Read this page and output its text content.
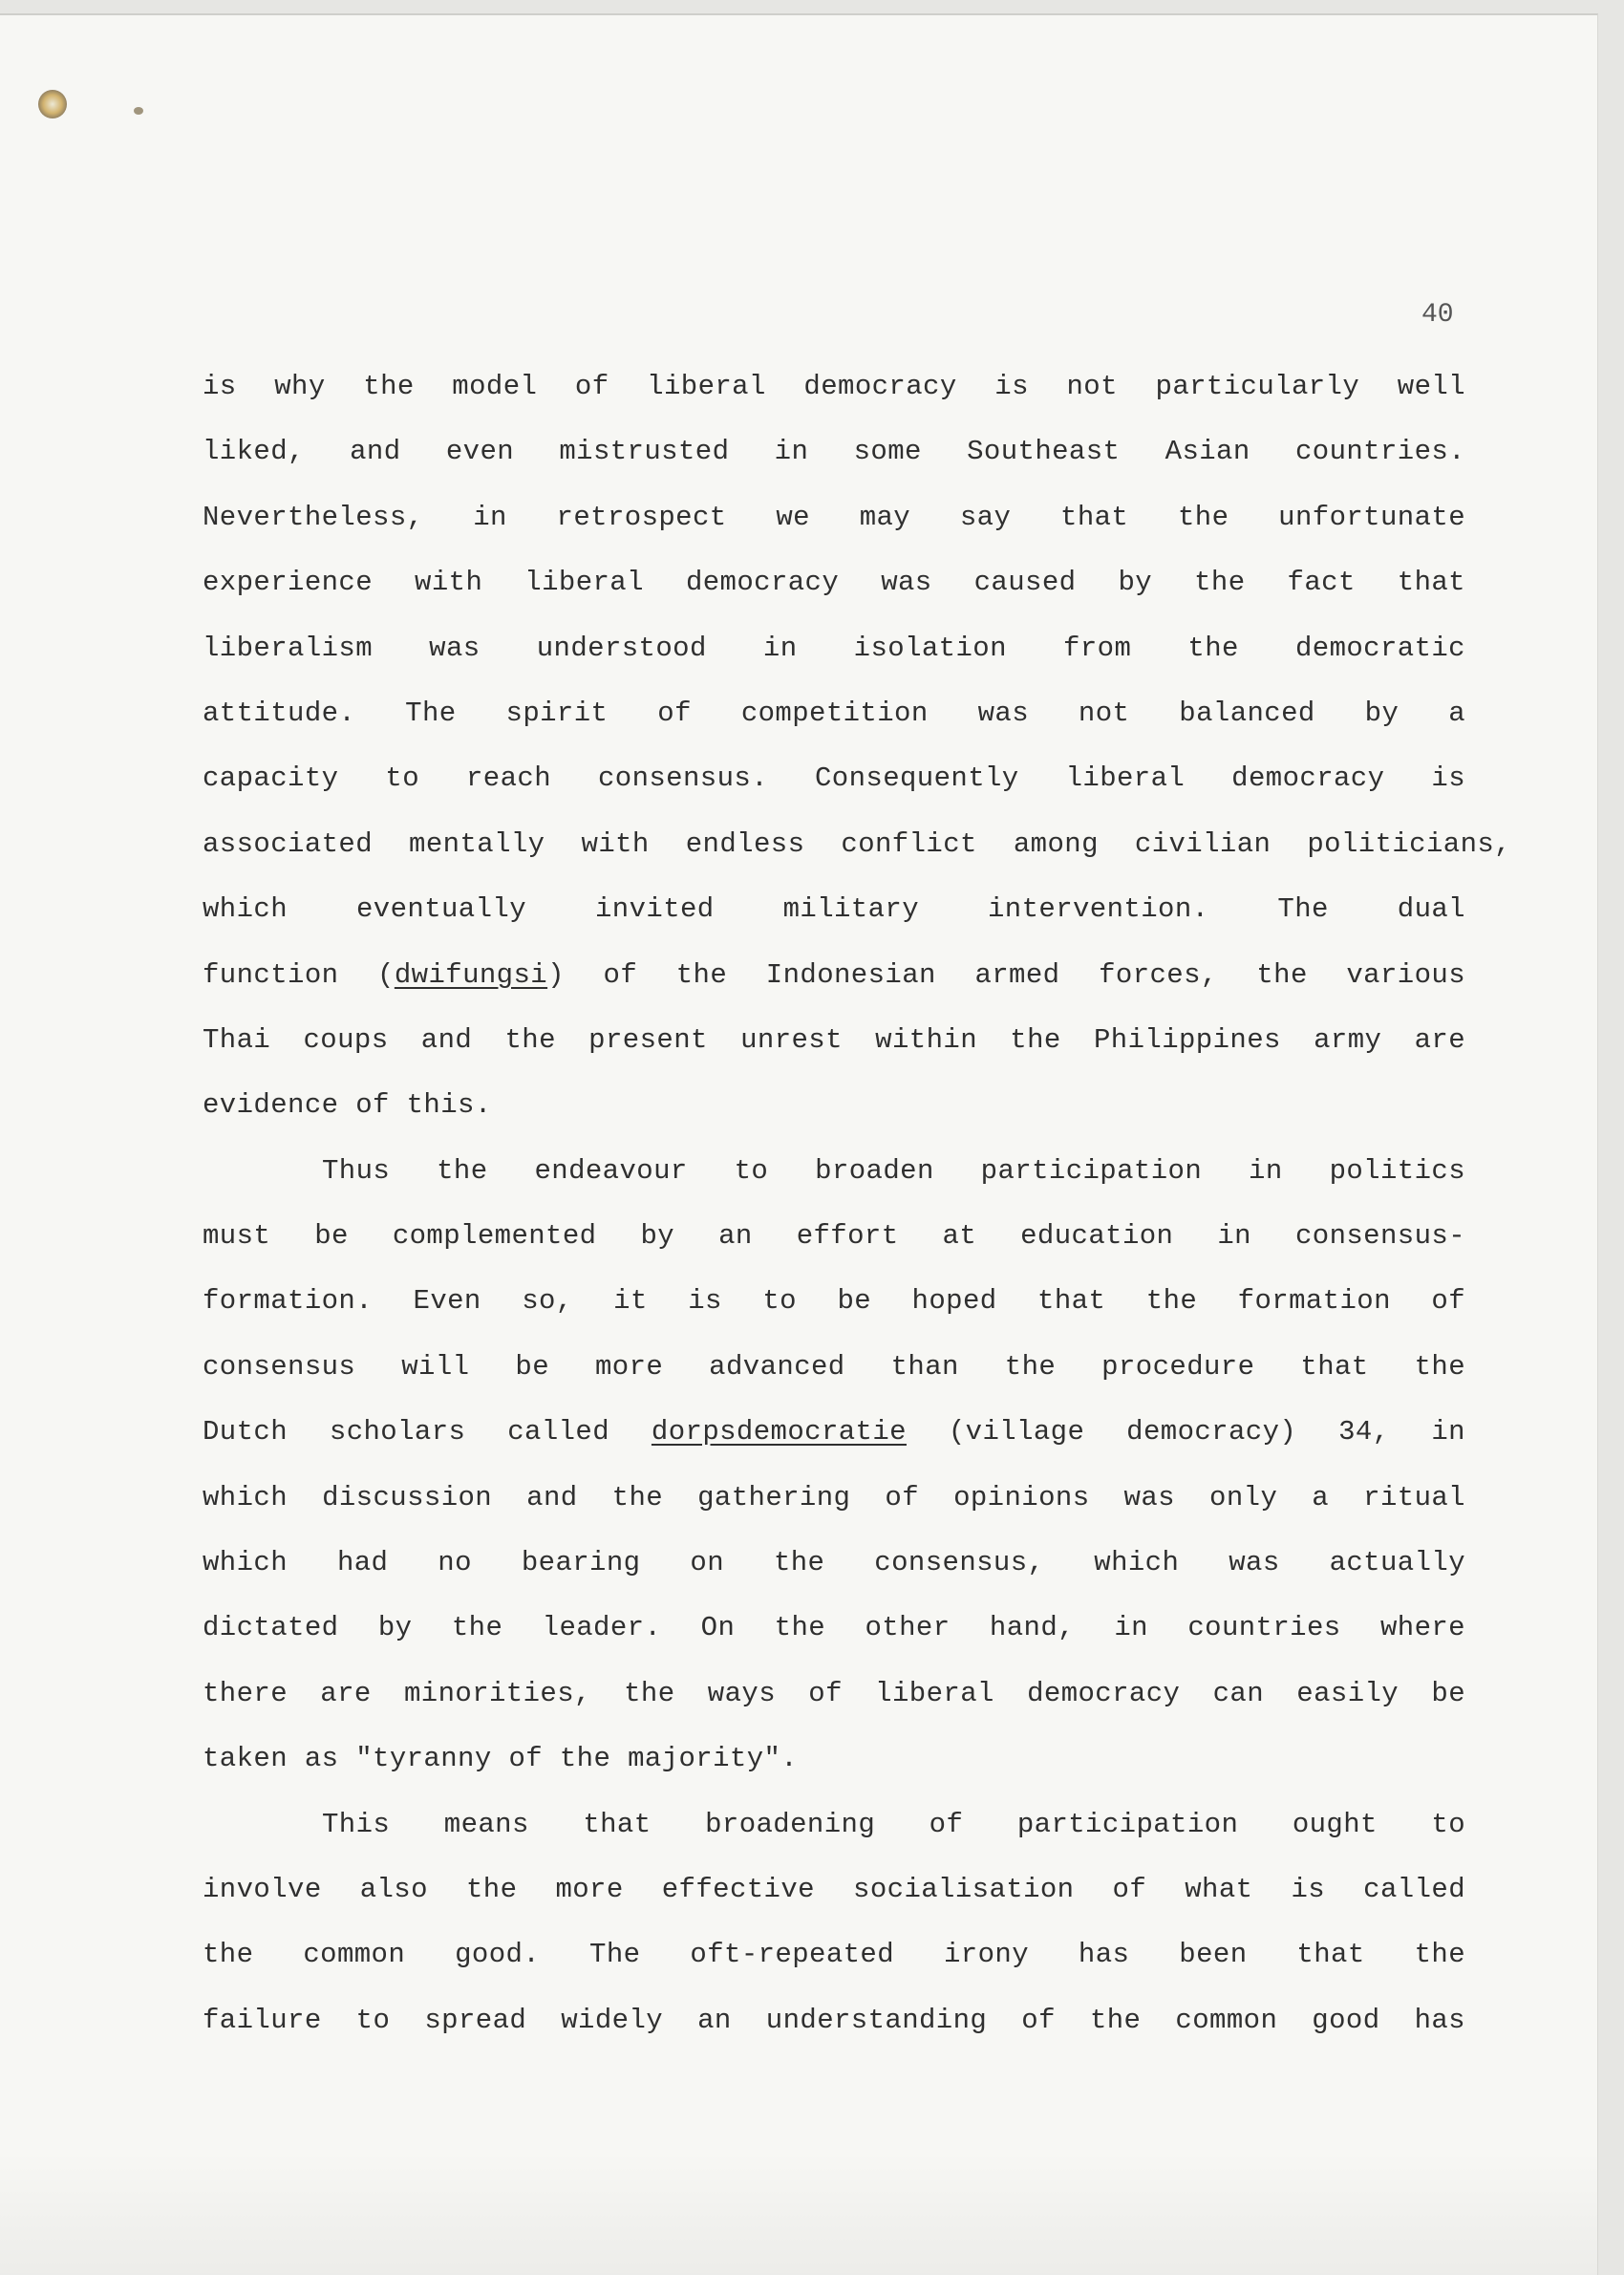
40
is why the model of liberal democracy is not particularly well
liked, and even mistrusted in some Southeast Asian countries.
Nevertheless, in retrospect we may say that the unfortunate
experience with liberal democracy was caused by the fact that
liberalism was understood in isolation from the democratic
attitude. The spirit of competition was not balanced by a
capacity to reach consensus. Consequently liberal democracy is
associated mentally with endless conflict among civilian politicians,
which eventually invited military intervention. The dual
function (dwifungsi) of the Indonesian armed forces, the various
Thai coups and the present unrest within the Philippines army are
evidence of this.
Thus the endeavour to broaden participation in politics
must be complemented by an effort at education in consensus-
formation. Even so, it is to be hoped that the formation of
consensus will be more advanced than the procedure that the
Dutch scholars called dorpsdemocratie (village democracy) 34, in
which discussion and the gathering of opinions was only a ritual
which had no bearing on the consensus, which was actually
dictated by the leader. On the other hand, in countries where
there are minorities, the ways of liberal democracy can easily be
taken as "tyranny of the majority".
This means that broadening of participation ought to
involve also the more effective socialisation of what is called
the common good. The oft-repeated irony has been that the
failure to spread widely an understanding of the common good has
